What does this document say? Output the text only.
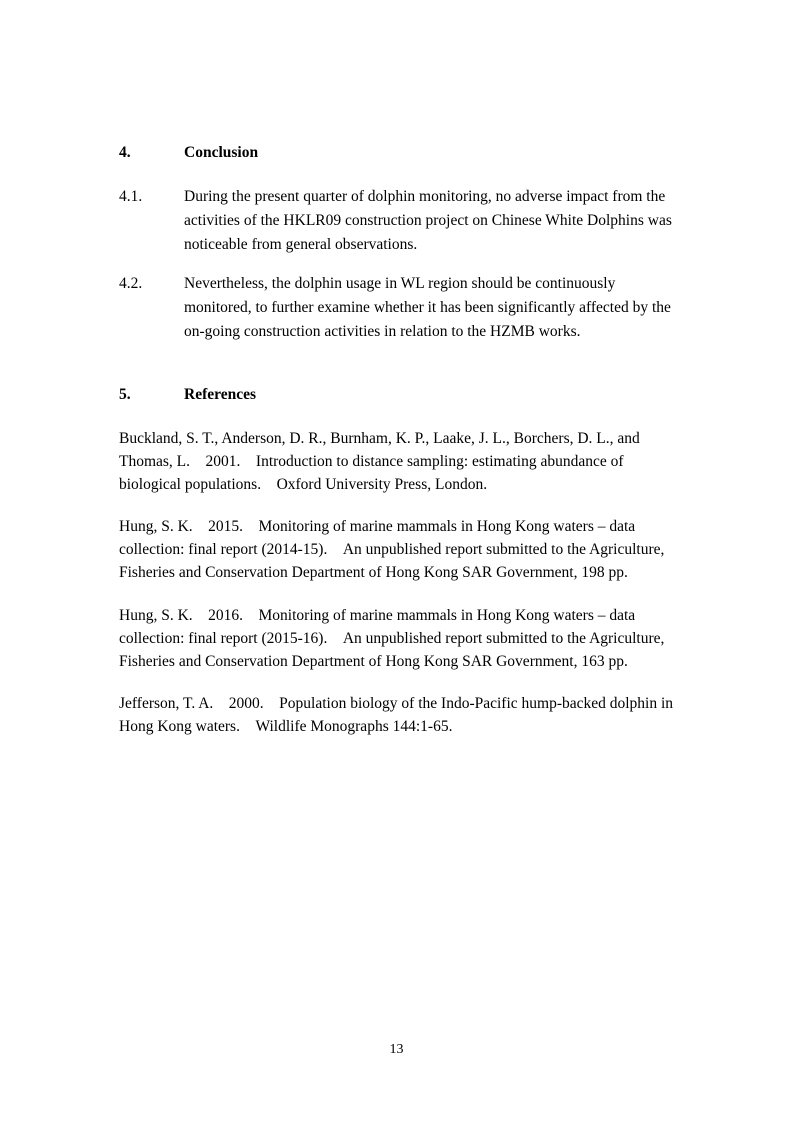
4.	Conclusion
4.1.	During the present quarter of dolphin monitoring, no adverse impact from the
activities of the HKLR09 construction project on Chinese White Dolphins was
noticeable from general observations.
4.2.	Nevertheless, the dolphin usage in WL region should be continuously
monitored, to further examine whether it has been significantly affected by the
on-going construction activities in relation to the HZMB works.
5.	References
Buckland, S. T., Anderson, D. R., Burnham, K. P., Laake, J. L., Borchers, D. L., and
Thomas, L.    2001.    Introduction to distance sampling: estimating abundance of
biological populations.    Oxford University Press, London.
Hung, S. K.    2015.    Monitoring of marine mammals in Hong Kong waters – data
collection: final report (2014-15).    An unpublished report submitted to the Agriculture,
Fisheries and Conservation Department of Hong Kong SAR Government, 198 pp.
Hung, S. K.    2016.    Monitoring of marine mammals in Hong Kong waters – data
collection: final report (2015-16).    An unpublished report submitted to the Agriculture,
Fisheries and Conservation Department of Hong Kong SAR Government, 163 pp.
Jefferson, T. A.    2000.    Population biology of the Indo-Pacific hump-backed dolphin in
Hong Kong waters.    Wildlife Monographs 144:1-65.
13
